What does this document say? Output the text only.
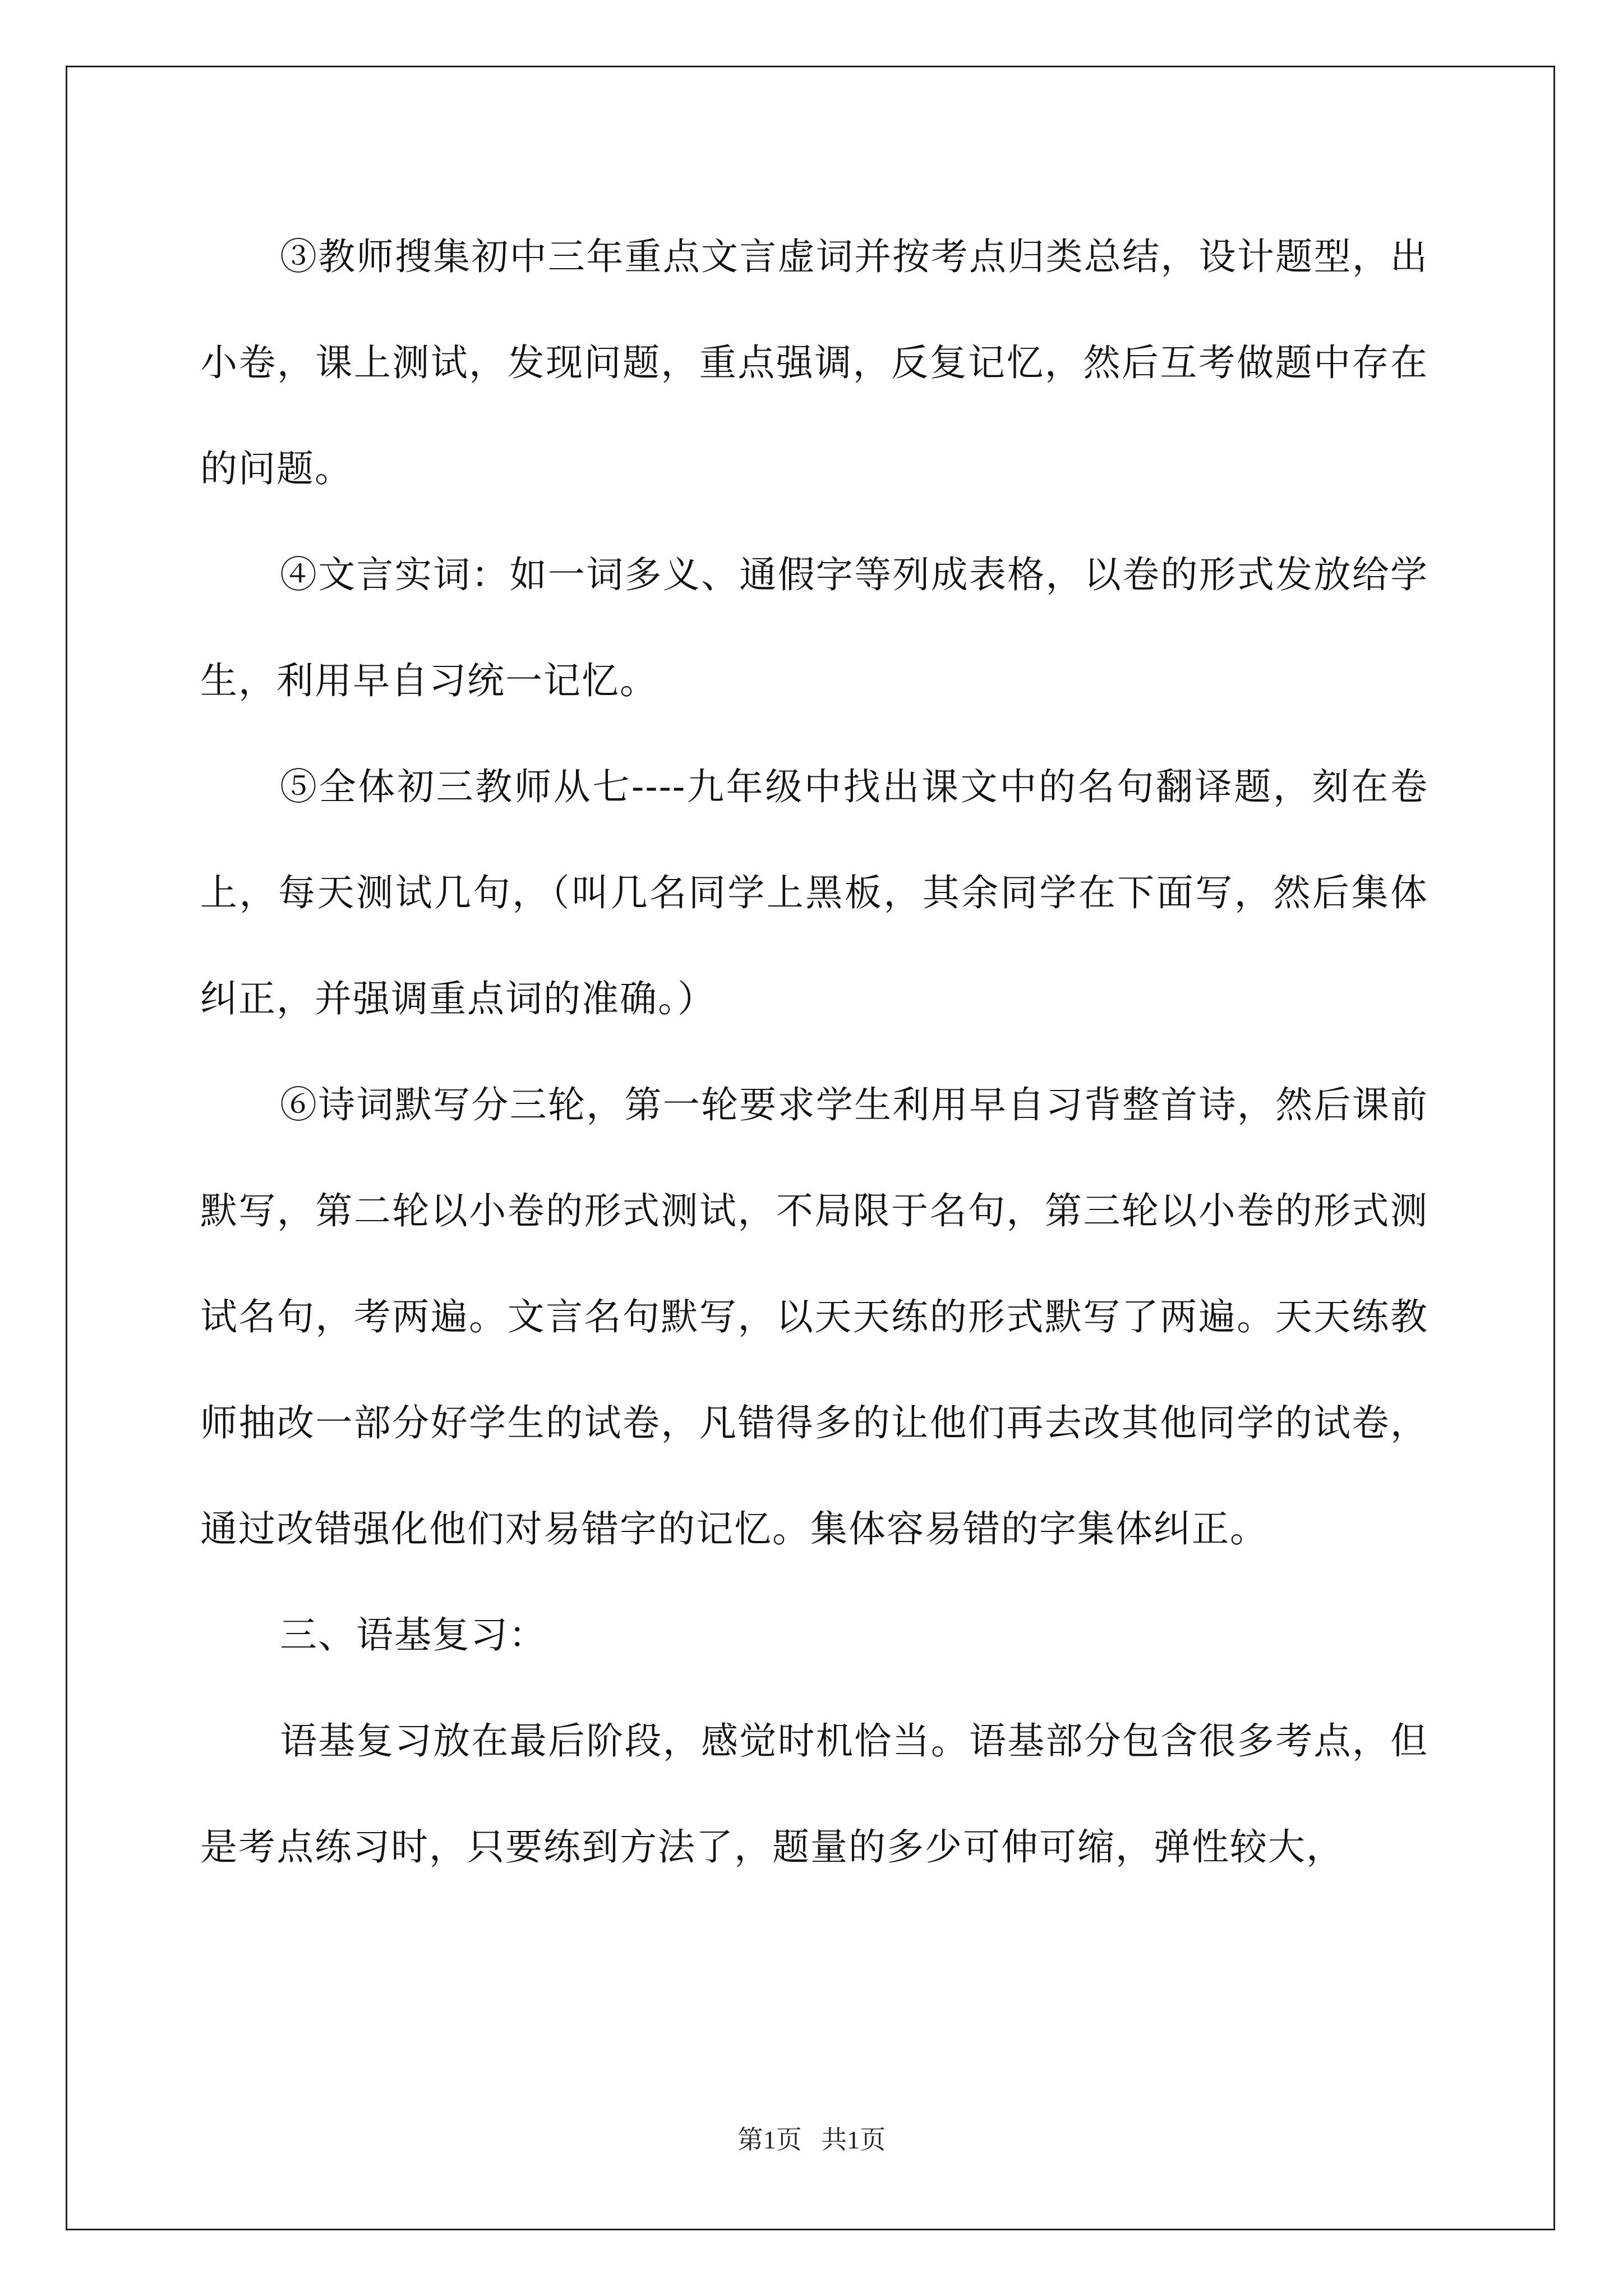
③教师搜集初中三年重点文言虚词并按考点归类总结，设计题型，出小卷，课上测试，发现问题，重点强调，反复记忆，然后互考做题中存在的问题。

④文言实词：如一词多义、通假字等列成表格，以卷的形式发放给学生，利用早自习统一记忆。

⑤全体初三教师从七----九年级中找出课文中的名句翻译题，刻在卷上，每天测试几句，（叫几名同学上黑板，其余同学在下面写，然后集体纠正，并强调重点词的准确。）

⑥诗词默写分三轮，第一轮要求学生利用早自习背整首诗，然后课前默写，第二轮以小卷的形式测试，不局限于名句，第三轮以小卷的形式测试名句，考两遍。文言名句默写，以天天练的形式默写了两遍。天天练教师抽改一部分好学生的试卷，凡错得多的让他们再去改其他同学的试卷，通过改错强化他们对易错字的记忆。集体容易错的字集体纠正。

三、语基复习：

语基复习放在最后阶段，感觉时机恰当。语基部分包含很多考点，但是考点练习时，只要练到方法了，题量的多少可伸可缩，弹性较大，

第1页 共1页
